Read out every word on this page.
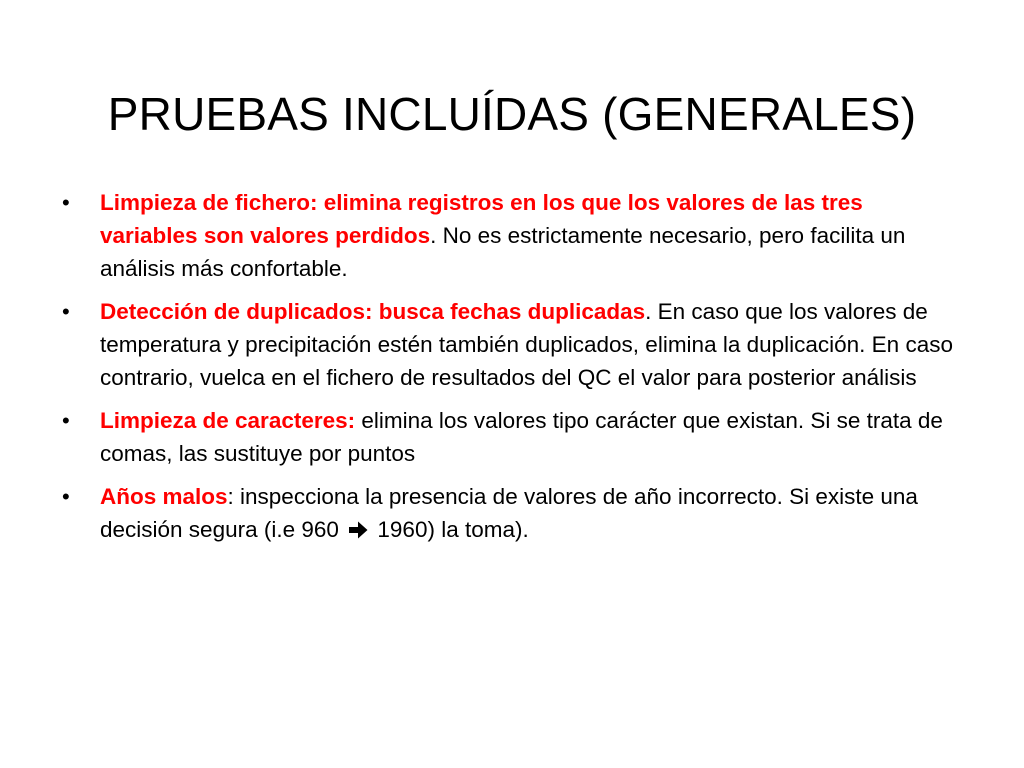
PRUEBAS INCLUÍDAS (GENERALES)
• Limpieza de fichero: elimina registros en los que los valores de las tres variables son valores perdidos. No es estrictamente necesario, pero facilita un análisis más confortable.
• Detección de duplicados: busca fechas duplicadas. En caso que los valores de temperatura y precipitación estén también duplicados, elimina la duplicación. En caso contrario, vuelca en el fichero de resultados del QC el valor para posterior análisis
• Limpieza de caracteres: elimina los valores tipo carácter que existan. Si se trata de comas, las sustituye por puntos
• Años malos: inspecciona la presencia de valores de año incorrecto. Si existe una decisión segura (i.e 960  1960) la toma).
